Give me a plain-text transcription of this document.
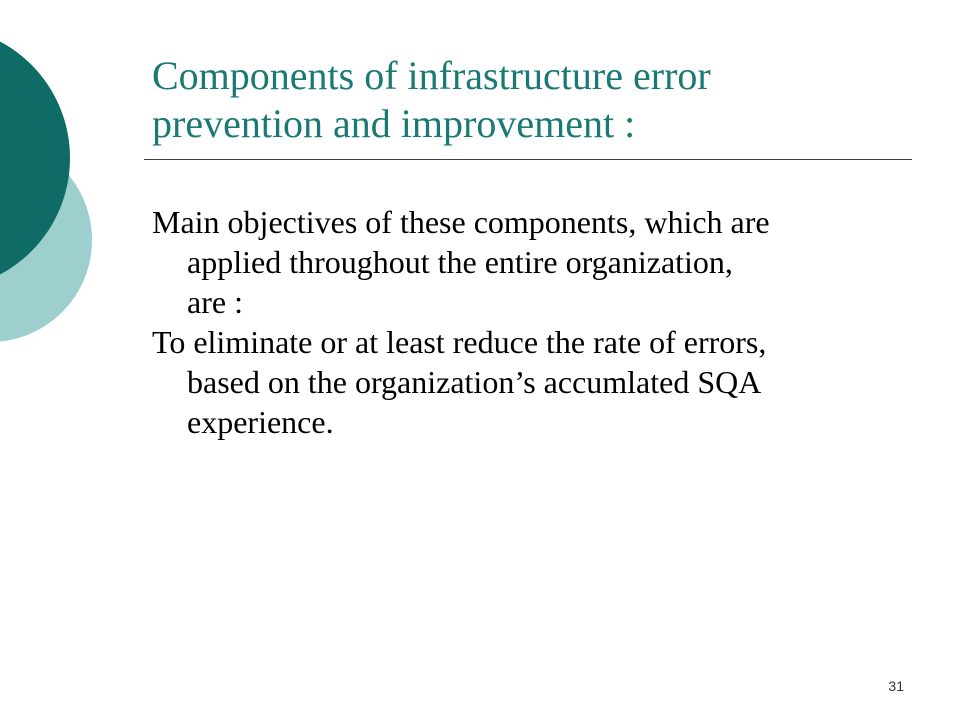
Components of infrastructure error
prevention and improvement :

Main objectives of these components, which are
applied throughout the entire organization,
are :

To eliminate or at least reduce the rate of errors,
based on the organization’s accumlated SQA
experience.

31
